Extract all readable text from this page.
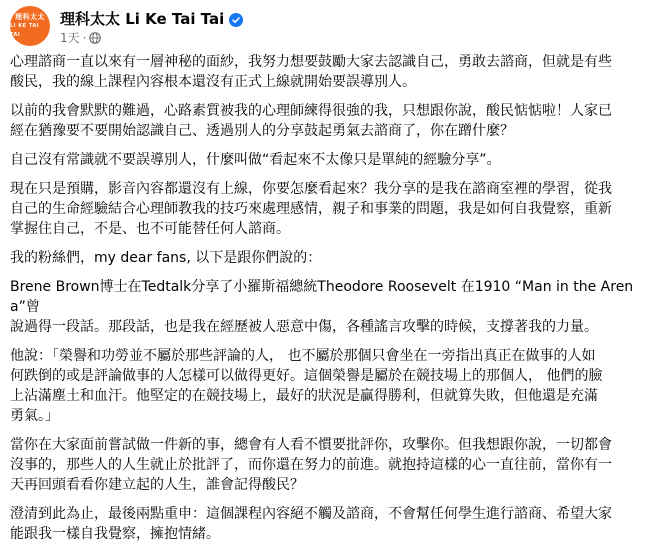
理科太太
LI KE TAI TAI
理科太太 Li Ke Tai Tai
1天 ·

心理諮商一直以來有一層神秘的面紗，我努力想要鼓勵大家去認識自己，勇敢去諮商，但就是有些
酸民，我的線上課程內容根本還沒有正式上線就開始要誤導別人。

以前的我會默默的難過，心路素質被我的心理師練得很強的我，只想跟你說，酸民惦惦啦！人家已
經在猶豫要不要開始認識自己、透過別人的分享鼓起勇氣去諮商了，你在蹭什麼？

自己沒有常識就不要誤導別人，什麼叫做“看起來不太像只是單純的經驗分享”。

現在只是預購，影音內容都還沒有上線，你要怎麼看起來？我分享的是我在諮商室裡的學習，從我
自己的生命經驗結合心理師教我的技巧來處理感情，親子和事業的問題，我是如何自我覺察，重新
掌握住自己，不是、也不可能替任何人諮商。

我的粉絲們，my dear fans, 以下是跟你們說的：

Brene Brown博士在Tedtalk分享了小羅斯福總統Theodore Roosevelt 在1910 “Man in the Arena”曾
說過得一段話。那段話，也是我在經歷被人惡意中傷，各種謠言攻擊的時候，支撐著我的力量。

他說：「榮譽和功勞並不屬於那些評論的人， 也不屬於那個只會坐在一旁指出真正在做事的人如
何跌倒的或是評論做事的人怎樣可以做得更好。這個榮譽是屬於在競技場上的那個人， 他們的臉
上沾滿塵土和血汗。他堅定的在競技場上，最好的狀況是贏得勝利，但就算失敗，但他還是充滿
勇氣。」

當你在大家面前嘗試做一件新的事，總會有人看不慣要批評你，攻擊你。但我想跟你說，一切都會
沒事的，那些人的人生就止於批評了，而你還在努力的前進。就抱持這樣的心一直往前，當你有一
天再回頭看看你建立起的人生，誰會記得酸民？

澄清到此為止，最後兩點重申：這個課程內容絕不觸及諮商，不會幫任何學生進行諮商、希望大家
能跟我一樣自我覺察，擁抱情緒。
